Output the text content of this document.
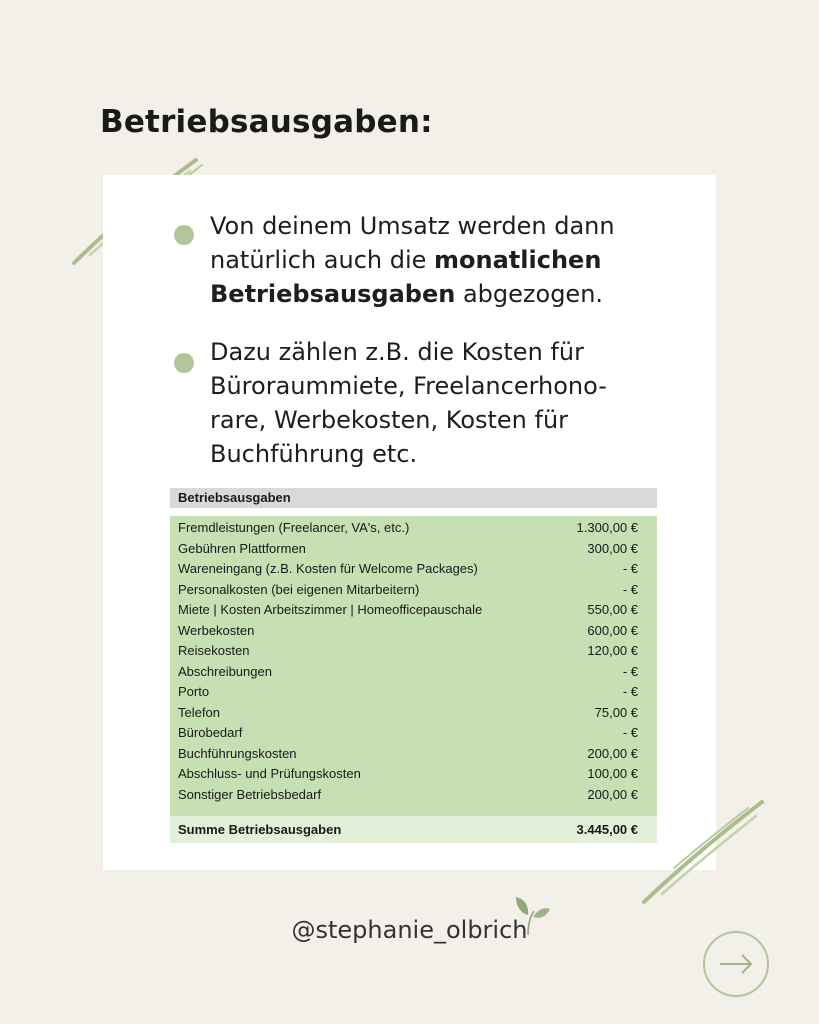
Betriebsausgaben:
Von deinem Umsatz werden dann natürlich auch die monatlichen Betriebsausgaben abgezogen.
Dazu zählen z.B. die Kosten für Büroraummiete, Freelancerhono-rare, Werbekosten, Kosten für Buchführung etc.
Betriebsausgaben
Fremdleistungen (Freelancer, VA's, etc.)	1.300,00 €
Gebühren Plattformen	300,00 €
Wareneingang (z.B. Kosten für Welcome Packages)	- €
Personalkosten (bei eigenen Mitarbeitern)	- €
Miete | Kosten Arbeitszimmer | Homeofficepauschale	550,00 €
Werbekosten	600,00 €
Reisekosten	120,00 €
Abschreibungen	- €
Porto	- €
Telefon	75,00 €
Bürobedarf	- €
Buchführungskosten	200,00 €
Abschluss- und Prüfungskosten	100,00 €
Sonstiger Betriebsbedarf	200,00 €
Summe Betriebsausgaben	3.445,00 €
@stephanie_olbrich
